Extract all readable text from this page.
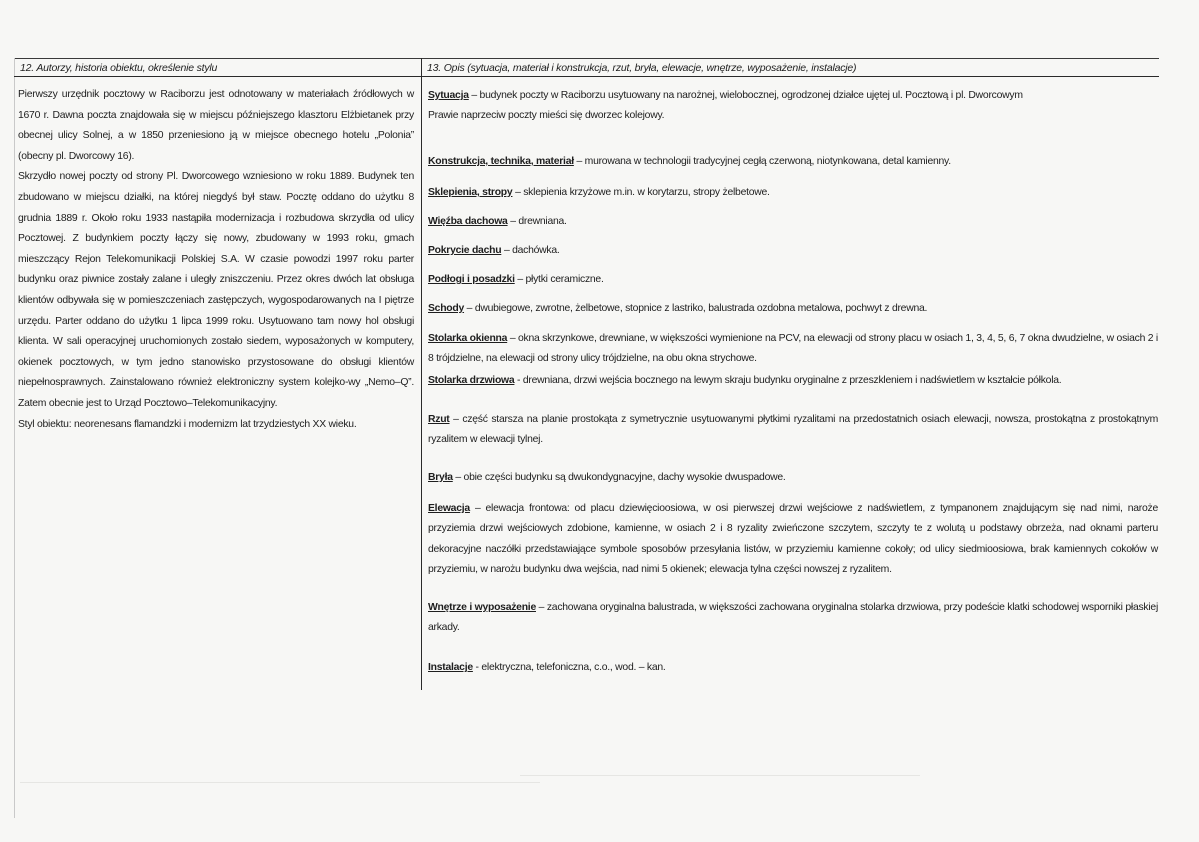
12. Autorzy, historia obiektu, określenie stylu	13. Opis (sytuacja, materiał i konstrukcja, rzut, bryła, elewacje, wnętrze, wyposażenie, instalacje)

Pierwszy urzędnik pocztowy w Raciborzu jest odnotowany w materiałach źródłowych w 1670 r. Dawna poczta znajdowała się w miejscu późniejszego klasztoru Elżbietanek przy obecnej ulicy Solnej, a w 1850 przeniesiono ją w miejsce obecnego hotelu „Polonia” (obecny pl. Dworcowy 16).

Skrzydło nowej poczty od strony Pl. Dworcowego wzniesiono w roku 1889. Budynek ten zbudowano w miejscu działki, na której niegdyś był staw. Pocztę oddano do użytku 8 grudnia 1889 r. Około roku 1933 nastąpiła modernizacja i rozbudowa skrzydła od ulicy Pocztowej. Z budynkiem poczty łączy się nowy, zbudowany w 1993 roku, gmach mieszczący Rejon Telekomunikacji Polskiej S.A. W czasie powodzi 1997 roku parter budynku oraz piwnice zostały zalane i uległy zniszczeniu. Przez okres dwóch lat obsługa klientów odbywała się w pomieszczeniach zastępczych, wygospodarowanych na I piętrze urzędu. Parter oddano do użytku 1 lipca 1999 roku. Usytuowano tam nowy hol obsługi klienta. W sali operacyjnej uruchomionych zostało siedem, wyposażonych w komputery, okienek pocztowych, w tym jedno stanowisko przystosowane do obsługi klientów niepełnosprawnych. Zainstalowano również elektroniczny system kolejko-wy „Nemo–Q”. Zatem obecnie jest to Urząd Pocztowo–Telekomunikacyjny.

Styl obiektu: neorenesans flamandzki i modernizm lat trzydziestych XX wieku.

Sytuacja – budynek poczty w Raciborzu usytuowany na narożnej, wielobocznej, ogrodzonej działce ujętej ul. Pocztową i pl. Dworcowym
Prawie naprzeciw poczty mieści się dworzec kolejowy.
Konstrukcja, technika, materiał – murowana w technologii tradycyjnej cegłą czerwoną, niotynkowana, detal kamienny.
Sklepienia, stropy – sklepienia krzyżowe m.in. w korytarzu, stropy żelbetowe.
Więźba dachowa – drewniana.
Pokrycie dachu – dachówka.
Podłogi i posadzki – płytki ceramiczne.
Schody – dwubiegowe, zwrotne, żelbetowe, stopnice z lastriko, balustrada ozdobna metalowa, pochwyt z drewna.
Stolarka okienna – okna skrzynkowe, drewniane, w większości wymienione na PCV, na elewacji od strony placu w osiach 1, 3, 4, 5, 6, 7 okna dwudzielne, w osiach 2 i 8 trójdzielne, na elewacji od strony ulicy trójdzielne, na obu okna strychowe.
Stolarka drzwiowa - drewniana, drzwi wejścia bocznego na lewym skraju budynku oryginalne z przeszkleniem i nadświetlem w kształcie półkola.
Rzut – część starsza na planie prostokąta z symetrycznie usytuowanymi płytkimi ryzalitami na przedostatnich osiach elewacji, nowsza, prostokątna z prostokątnym ryzalitem w elewacji tylnej.
Bryła – obie części budynku są dwukondygnacyjne, dachy wysokie dwuspadowe.
Elewacja – elewacja frontowa: od placu dziewięcioosiowa, w osi pierwszej drzwi wejściowe z nadświetlem, z tympanonem znajdującym się nad nimi, naroże przyziemia drzwi wejściowych zdobione, kamienne, w osiach 2 i 8 ryzality zwieńczone szczytem, szczyty te z wolutą u podstawy obrzeża, nad oknami parteru dekoracyjne naczółki przedstawiające symbole sposobów przesyłania listów, w przyziemiu kamienne cokoły; od ulicy siedmioosiowa, brak kamiennych cokołów w przyziemiu, w narożu budynku dwa wejścia, nad nimi 5 okienek; elewacja tylna części nowszej z ryzalitem.
Wnętrze i wyposażenie – zachowana oryginalna balustrada, w większości zachowana oryginalna stolarka drzwiowa, przy podeście klatki schodowej wsporniki płaskiej arkady.
Instalacje - elektryczna, telefoniczna, c.o., wod. – kan.
